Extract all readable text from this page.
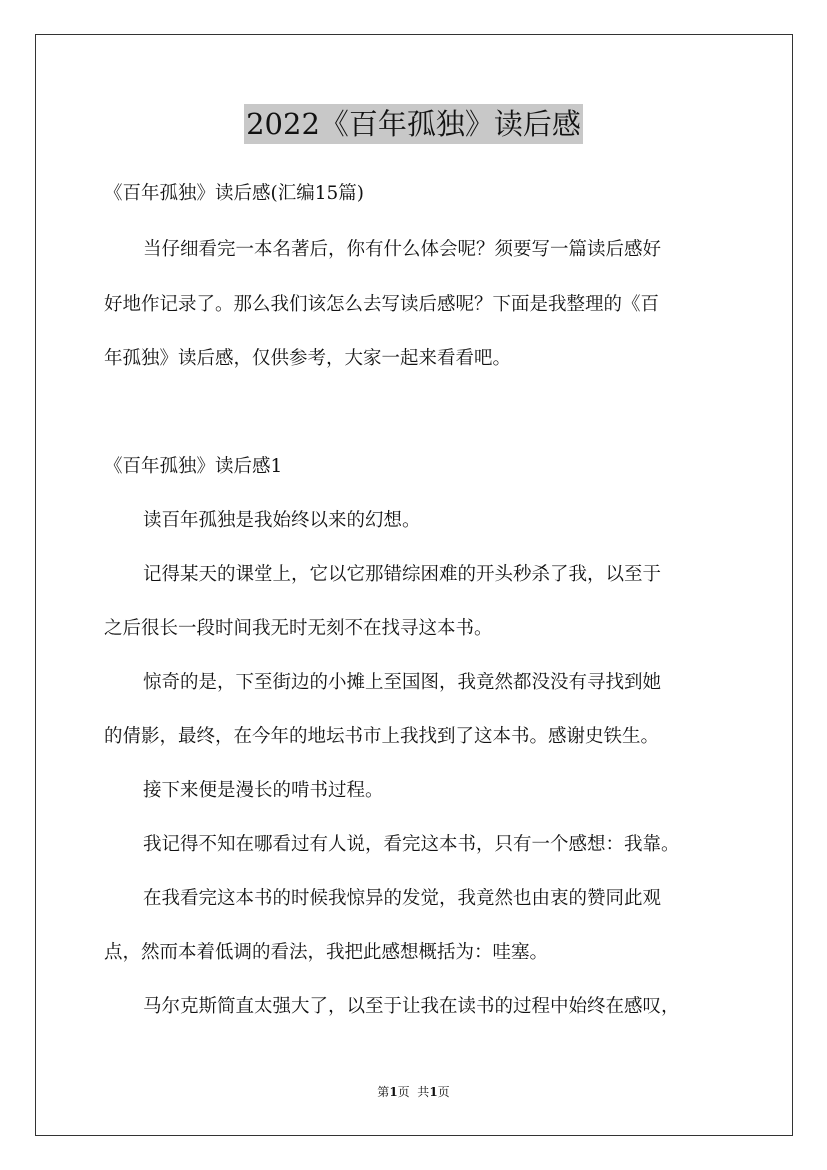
2022《百年孤独》读后感
《百年孤独》读后感(汇编15篇)
当仔细看完一本名著后，你有什么体会呢？须要写一篇读后感好
好地作记录了。那么我们该怎么去写读后感呢？下面是我整理的《百
年孤独》读后感，仅供参考，大家一起来看看吧。
《百年孤独》读后感1
读百年孤独是我始终以来的幻想。
记得某天的课堂上，它以它那错综困难的开头秒杀了我，以至于
之后很长一段时间我无时无刻不在找寻这本书。
惊奇的是，下至街边的小摊上至国图，我竟然都没没有寻找到她
的倩影，最终，在今年的地坛书市上我找到了这本书。感谢史铁生。
接下来便是漫长的啃书过程。
我记得不知在哪看过有人说，看完这本书，只有一个感想：我靠。
在我看完这本书的时候我惊异的发觉，我竟然也由衷的赞同此观
点，然而本着低调的看法，我把此感想概括为：哇塞。
马尔克斯简直太强大了，以至于让我在读书的过程中始终在感叹，
第1页  共1页
